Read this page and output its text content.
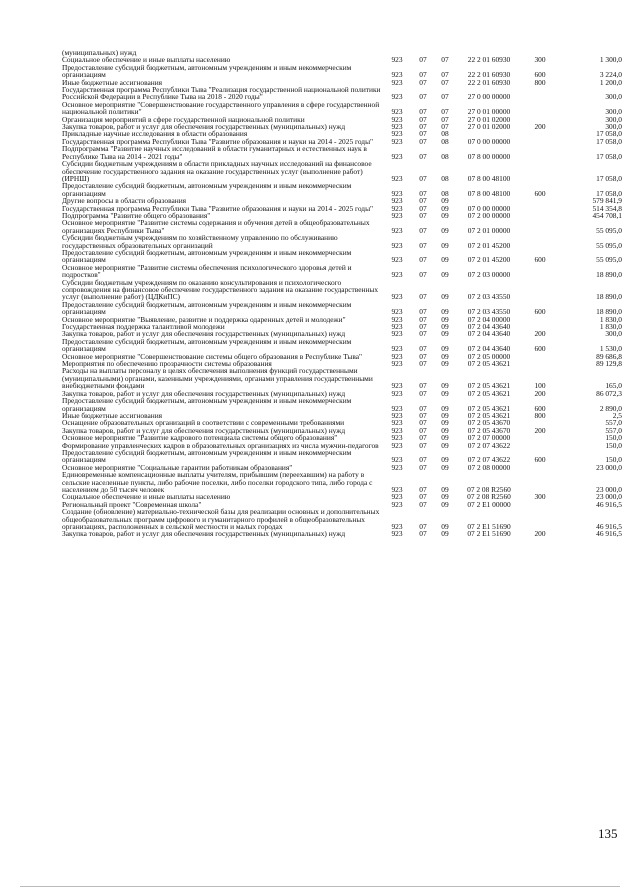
(муниципальных) нужд						
Социальное обеспечение и иные выплаты населению	923	07	07	22 2 01 60930	300	1 300,0
Предоставление субсидий бюджетным, автономным учреждениям и иным некоммерческим организациям	923	07	07	22 2 01 60930	600	3 224,0
Иные бюджетные ассигнования	923	07	07	22 2 01 60930	800	1 200,0
Государственная программа Республики Тыва "Реализация государственной национальной политики Российской Федерации в Республике Тыва на 2018 - 2020 годы"	923	07	07	27 0 00 00000		300,0
Основное мероприятие "Совершенствование государственного управления в сфере государственной национальной политики"	923	07	07	27 0 01 00000		300,0
Организация мероприятий в сфере государственной национальной политики	923	07	07	27 0 01 02000		300,0
Закупка товаров, работ и услуг для обеспечения государственных (муниципальных) нужд	923	07	07	27 0 01 02000	200	300,0
Прикладные научные исследования в области образования	923	07	08			17 058,0
Государственная программа Республики Тыва "Развитие образования и науки на 2014 - 2025 годы"	923	07	08	07 0 00 00000		17 058,0
Подпрограмма "Развитие научных исследований в области гуманитарных и естественных наук в Республике Тыва на 2014 - 2021 годы"	923	07	08	07 8 00 00000		17 058,0
Субсидии бюджетным учреждениям в области прикладных научных исследований на финансовое обеспечение государственного задания на оказание государственных услуг (выполнение работ) (ИРНШ)	923	07	08	07 8 00 48100		17 058,0
Предоставление субсидий бюджетным, автономным учреждениям и иным некоммерческим организациям	923	07	08	07 8 00 48100	600	17 058,0
Другие вопросы в области образования	923	07	09			579 841,9
Государственная программа Республики Тыва "Развитие образования и науки на 2014 - 2025 годы"	923	07	09	07 0 00 00000		514 354,8
Подпрограмма "Развитие общего образования"	923	07	09	07 2 00 00000		454 708,1
Основное мероприятие "Развитие системы содержания и обучения детей в общеобразовательных организациях Республики Тыва"	923	07	09	07 2 01 00000		55 095,0
Субсидии бюджетным учреждениям по хозяйственному управлению по обслуживанию государственных образовательных организаций	923	07	09	07 2 01 45200		55 095,0
Предоставление субсидий бюджетным, автономным учреждениям и иным некоммерческим организациям	923	07	09	07 2 01 45200	600	55 095,0
Основное мероприятие "Развитие системы обеспечения психологического здоровья детей и подростков"	923	07	09	07 2 03 00000		18 890,0
Субсидии бюджетным учреждениям по оказанию консультирования и психологического сопровождения на финансовое обеспечение государственного задания на оказание государственных услуг (выполнение работ) (ЦДКиПС)	923	07	09	07 2 03 43550		18 890,0
Предоставление субсидий бюджетным, автономным учреждениям и иным некоммерческим организациям	923	07	09	07 2 03 43550	600	18 890,0
Основное мероприятие "Выявление, развитие и поддержка одаренных детей и молодежи"	923	07	09	07 2 04 00000		1 830,0
Государственная поддержка талантливой молодежи	923	07	09	07 2 04 43640		1 830,0
Закупка товаров, работ и услуг для обеспечения государственных (муниципальных) нужд	923	07	09	07 2 04 43640	200	300,0
Предоставление субсидий бюджетным, автономным учреждениям и иным некоммерческим организациям	923	07	09	07 2 04 43640	600	1 530,0
Основное мероприятие "Совершенствование системы общего образования в Республике Тыва"	923	07	09	07 2 05 00000		89 686,8
Мероприятия по обеспечению прозрачности системы образования	923	07	09	07 2 05 43621		89 129,8
Расходы на выплаты персоналу в целях обеспечения выполнения функций государственными (муниципальными) органами, казенными учреждениями, органами управления государственными внебюджетными фондами	923	07	09	07 2 05 43621	100	165,0
Закупка товаров, работ и услуг для обеспечения государственных (муниципальных) нужд	923	07	09	07 2 05 43621	200	86 072,3
Предоставление субсидий бюджетным, автономным учреждениям и иным некоммерческим организациям	923	07	09	07 2 05 43621	600	2 890,0
Иные бюджетные ассигнования	923	07	09	07 2 05 43621	800	2,5
Оснащение образовательных организаций в соответствии с современными требованиями	923	07	09	07 2 05 43670		557,0
Закупка товаров, работ и услуг для обеспечения государственных (муниципальных) нужд	923	07	09	07 2 05 43670	200	557,0
Основное мероприятие "Развитие кадрового потенциала системы общего образования"	923	07	09	07 2 07 00000		150,0
Формирование управленческих кадров в образовательных организациях из числа мужчин-педагогов	923	07	09	07 2 07 43622		150,0
Предоставление субсидий бюджетным, автономным учреждениям и иным некоммерческим организациям	923	07	09	07 2 07 43622	600	150,0
Основное мероприятие "Социальные гарантии работникам образования"	923	07	09	07 2 08 00000		23 000,0
Единовременные компенсационные выплаты учителям, прибывшим (переехавшим) на работу в сельские населенные пункты, либо рабочие поселки, либо поселки городского типа, либо города с населением до 50 тысяч человек	923	07	09	07 2 08 R2560		23 000,0
Социальное обеспечение и иные выплаты населению	923	07	09	07 2 08 R2560	300	23 000,0
Региональный проект "Современная школа"	923	07	09	07 2 E1 00000		46 916,5
Создание (обновление) материально-технической базы для реализации основных и дополнительных общеобразовательных программ цифрового и гуманитарного профилей в общеобразовательных организациях, расположенных в сельской местности и малых городах	923	07	09	07 2 E1 51690		46 916,5
Закупка товаров, работ и услуг для обеспечения государственных (муниципальных) нужд	923	07	09	07 2 E1 51690	200	46 916,5
135
